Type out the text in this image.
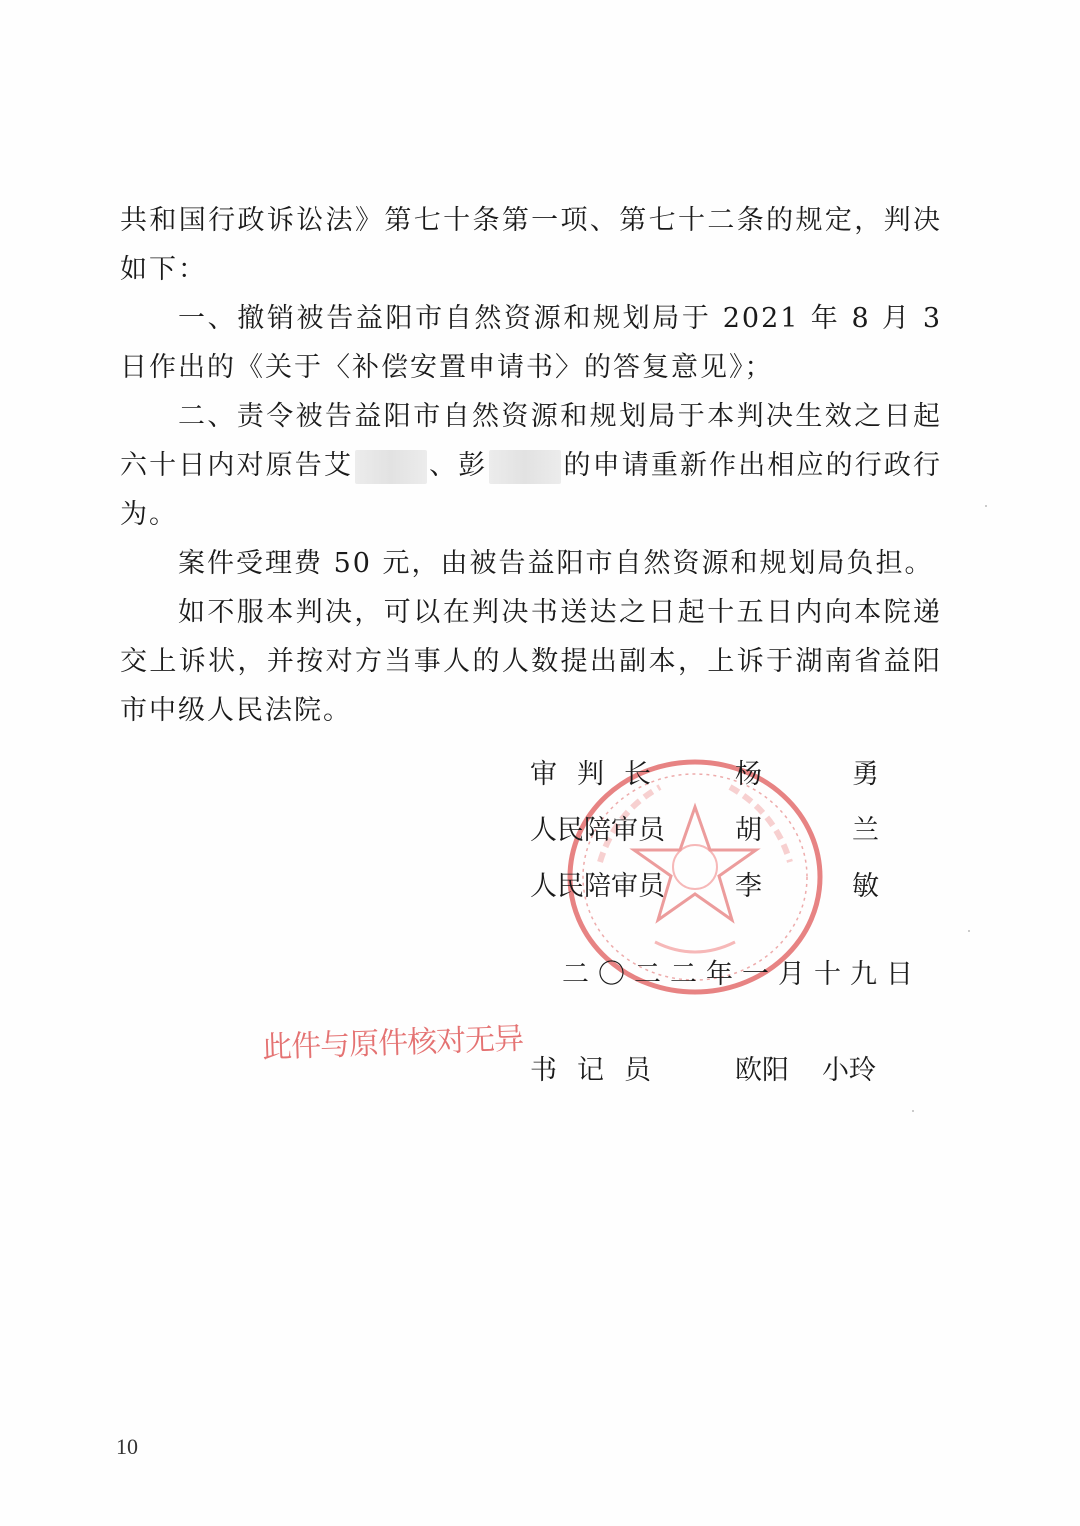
共和国行政诉讼法》第七十条第一项、第七十二条的规定，判决如下：

一、撤销被告益阳市自然资源和规划局于 2021 年 8 月 3 日作出的《关于〈补偿安置申请书〉的答复意见》；

二、责令被告益阳市自然资源和规划局于本判决生效之日起六十日内对原告艾	、彭	的申请重新作出相应的行政行为。

案件受理费 50 元，由被告益阳市自然资源和规划局负担。

如不服本判决，可以在判决书送达之日起十五日内向本院递交上诉状，并按对方当事人的人数提出副本，上诉于湖南省益阳市中级人民法院。

审判长	杨	勇
人民陪审员	胡	兰
人民陪审员	李	敏
二〇二二年一月十九日
此件与原件核对无异
书记员 欧阳 小玲
10
